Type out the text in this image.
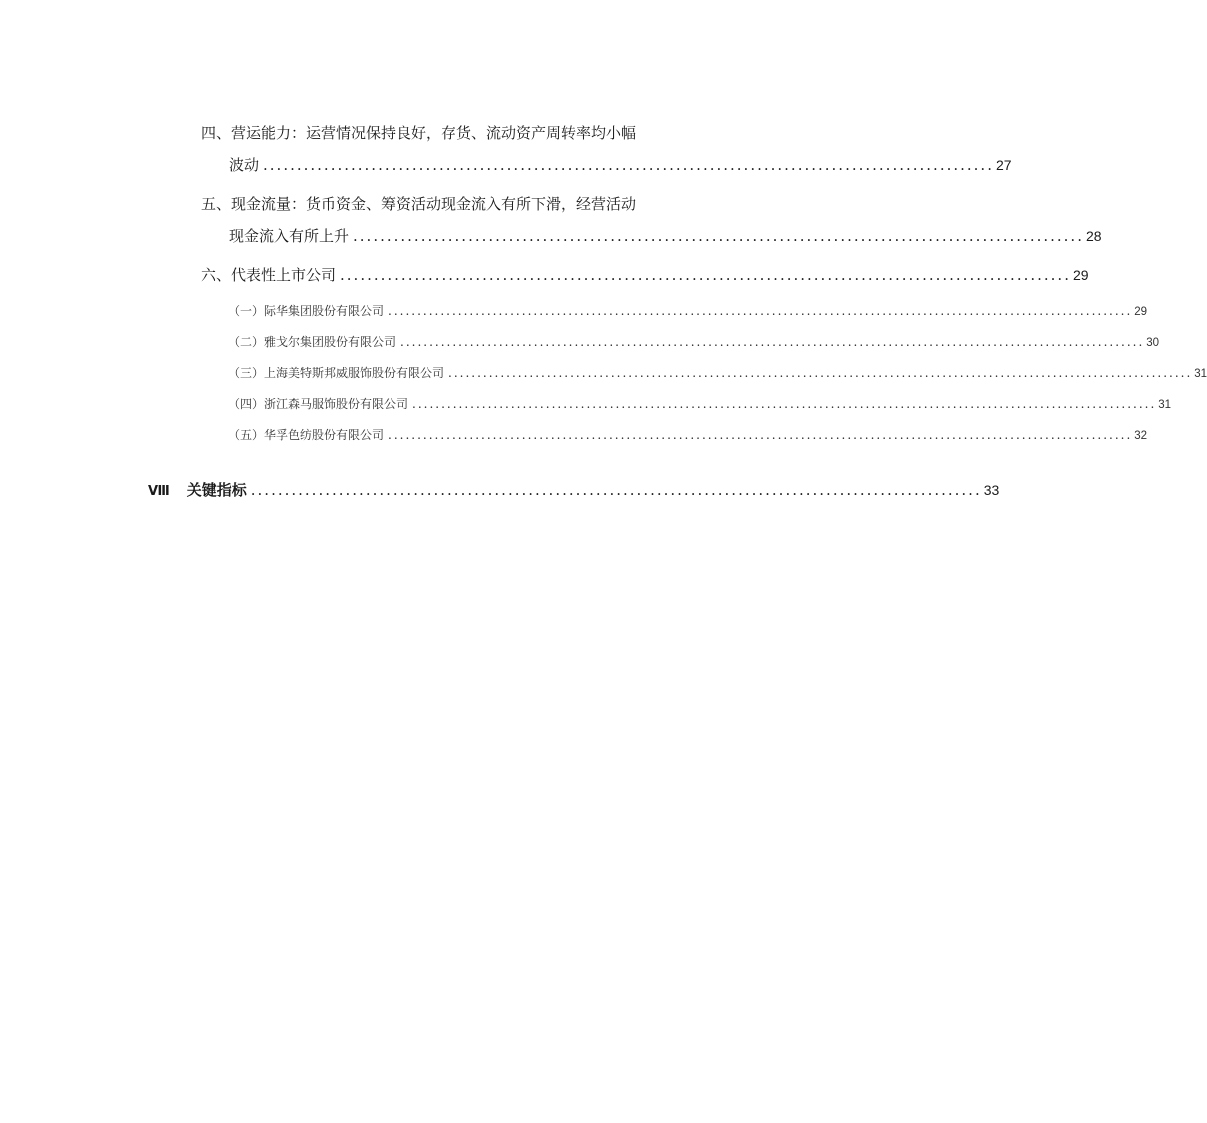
四、营运能力：运营情况保持良好，存货、流动资产周转率均小幅
波动 ............................................................................................................ 27
五、现金流量：货币资金、筹资活动现金流入有所下滑，经营活动
现金流入有所上升 ............................................................................................................ 28
六、代表性上市公司 ............................................................................................................ 29
（一）际华集团股份有限公司 ................................................................................................................................ 29
（二）雅戈尔集团股份有限公司 ................................................................................................................................ 30
（三）上海美特斯邦威服饰股份有限公司 ................................................................................................................................ 31
（四）浙江森马服饰股份有限公司 ................................................................................................................................ 31
（五）华孚色纺股份有限公司 ................................................................................................................................ 32
Ⅷ 关键指标 ............................................................................................................ 33
